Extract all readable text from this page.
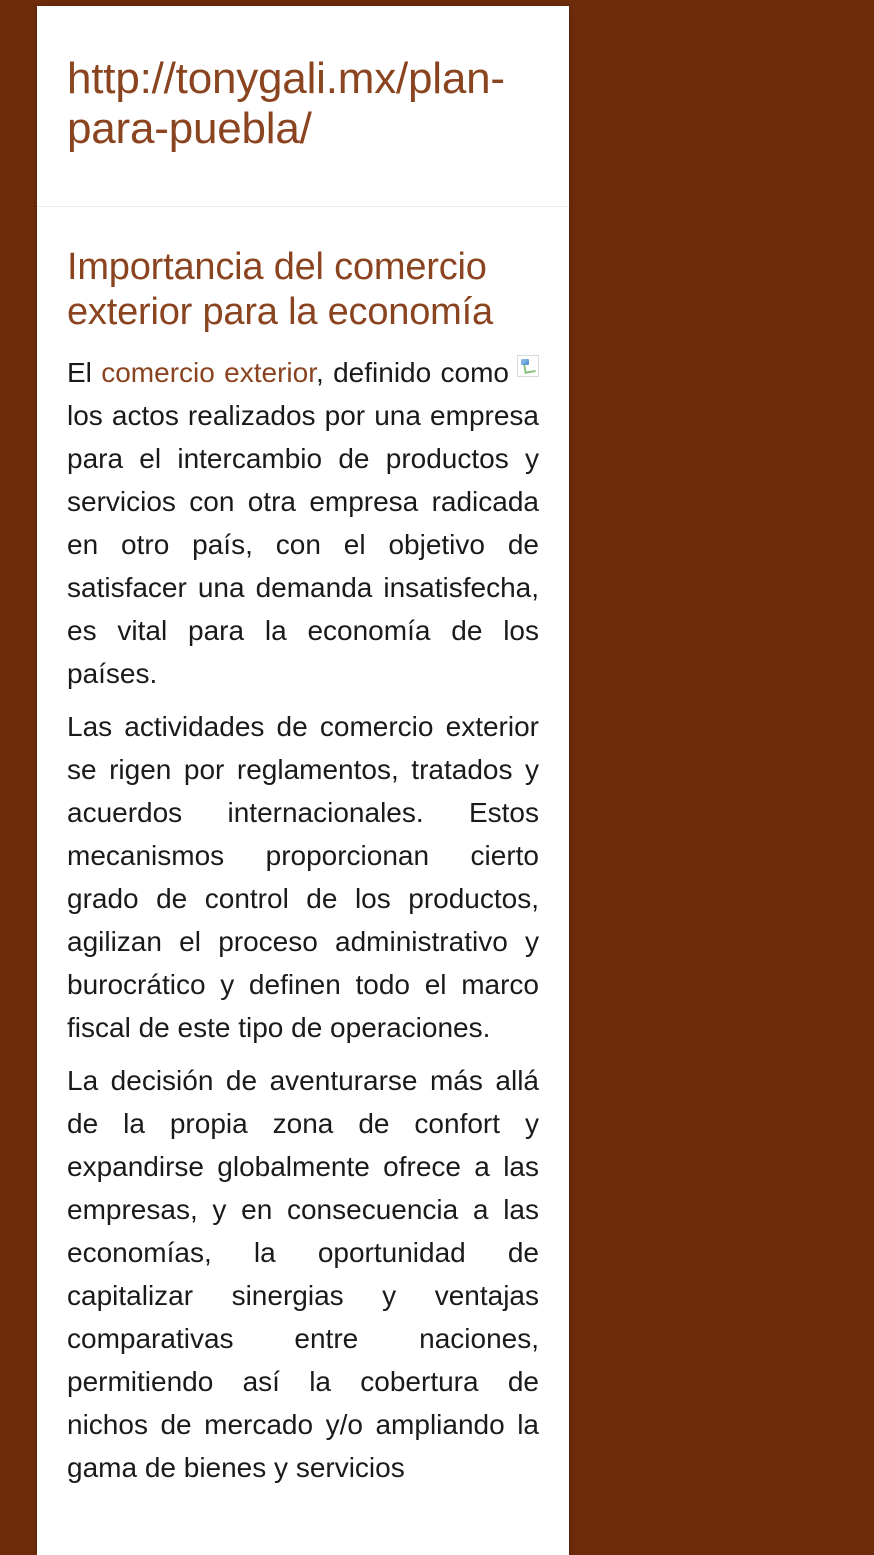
http://tonygali.mx/plan-para-puebla/
Importancia del comercio exterior para la economía

El comercio exterior, definido como los actos realizados por una empresa para el intercambio de productos y servicios con otra empresa radicada en otro país, con el objetivo de satisfacer una demanda insatisfecha, es vital para la economía de los países.

Las actividades de comercio exterior se rigen por reglamentos, tratados y acuerdos internacionales. Estos mecanismos proporcionan cierto grado de control de los productos, agilizan el proceso administrativo y burocrático y definen todo el marco fiscal de este tipo de operaciones.

La decisión de aventurarse más allá de la propia zona de confort y expandirse globalmente ofrece a las empresas, y en consecuencia a las economías, la oportunidad de capitalizar sinergias y ventajas comparativas entre naciones, permitiendo así la cobertura de nichos de mercado y/o ampliando la gama de bienes y servicios
